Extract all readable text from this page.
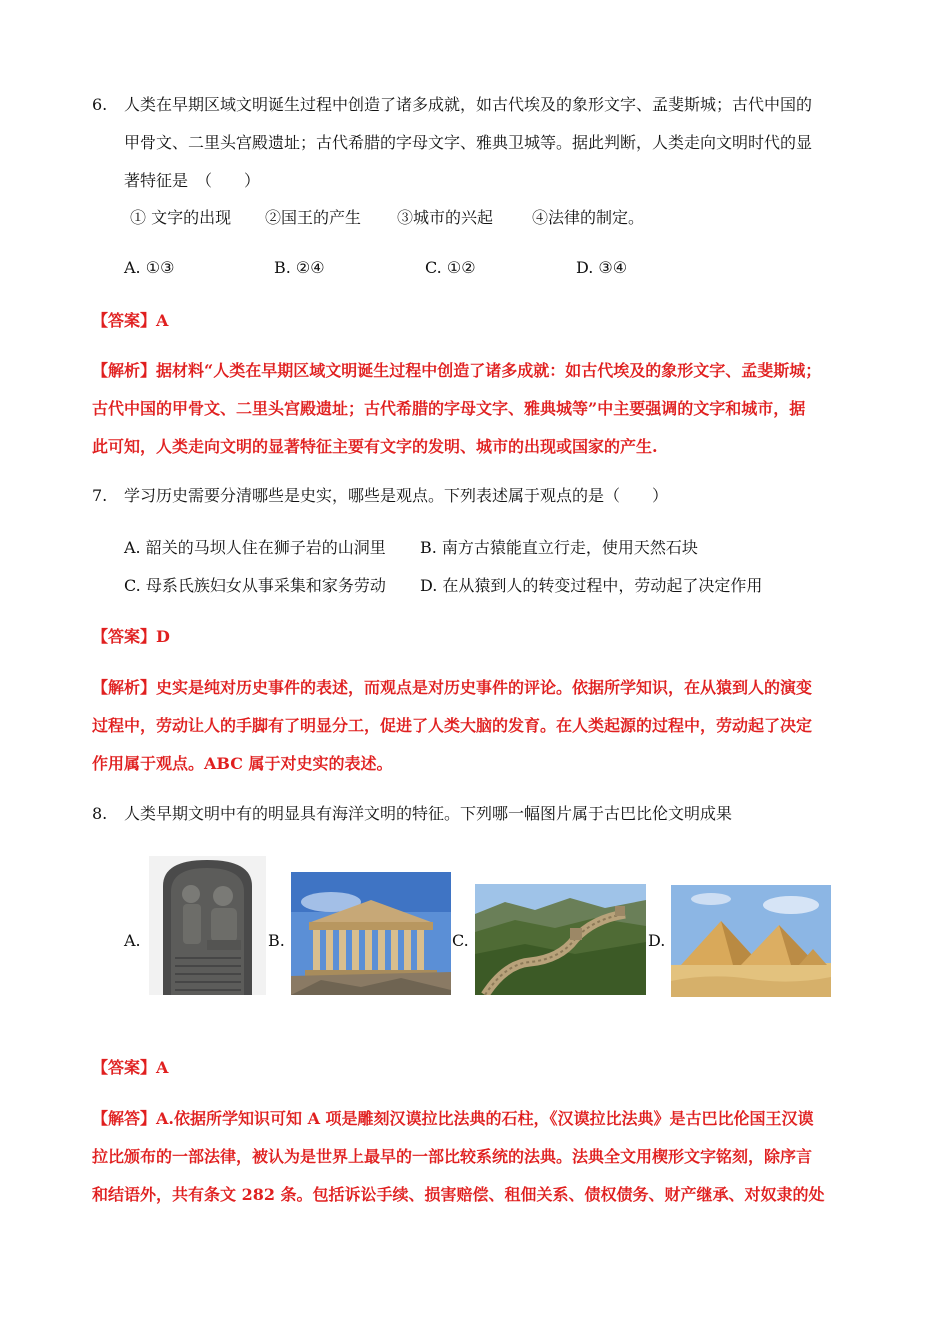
6. 人类在早期区域文明诞生过程中创造了诸多成就，如古代埃及的象形文字、孟斐斯城；古代中国的
甲骨文、二里头宫殿遗址；古代希腊的字母文字、雅典卫城等。据此判断，人类走向文明时代的显
著特征是　（　　）
① 文字的出现 ②国王的产生 ③城市的兴起 ④法律的制定。
A. ①③	B. ②④	C. ①②	D. ③④
【答案】A
【解析】据材料“人类在早期区域文明诞生过程中创造了诸多成就：如古代埃及的象形文字、孟斐斯城；
古代中国的甲骨文、二里头宫殿遗址；古代希腊的字母文字、雅典城等”中主要强调的文字和城市，据
此可知，人类走向文明的显著特征主要有文字的发明、城市的出现或国家的产生.
7. 学习历史需要分清哪些是史实，哪些是观点。下列表述属于观点的是（　　）
A. 韶关的马坝人住在狮子岩的山洞里 B. 南方古猿能直立行走，使用天然石块
C. 母系氏族妇女从事采集和家务劳动 D. 在从猿到人的转变过程中，劳动起了决定作用
【答案】D
【解析】史实是纯对历史事件的表述，而观点是对历史事件的评论。依据所学知识，在从猿到人的演变
过程中，劳动让人的手脚有了明显分工，促进了人类大脑的发育。在人类起源的过程中，劳动起了决定
作用属于观点。ABC 属于对史实的表述。
8. 人类早期文明中有的明显具有海洋文明的特征。下列哪一幅图片属于古巴比伦文明成果
A.	B.	C.	D.
【答案】A
【解答】A.依据所学知识可知 A 项是雕刻汉谟拉比法典的石柱，《汉谟拉比法典》是古巴比伦国王汉谟
拉比颁布的一部法律，被认为是世界上最早的一部比较系统的法典。法典全文用楔形文字铭刻，除序言
和结语外，共有条文 282 条。包括诉讼手续、损害赔偿、租佃关系、债权债务、财产继承、对奴隶的处
